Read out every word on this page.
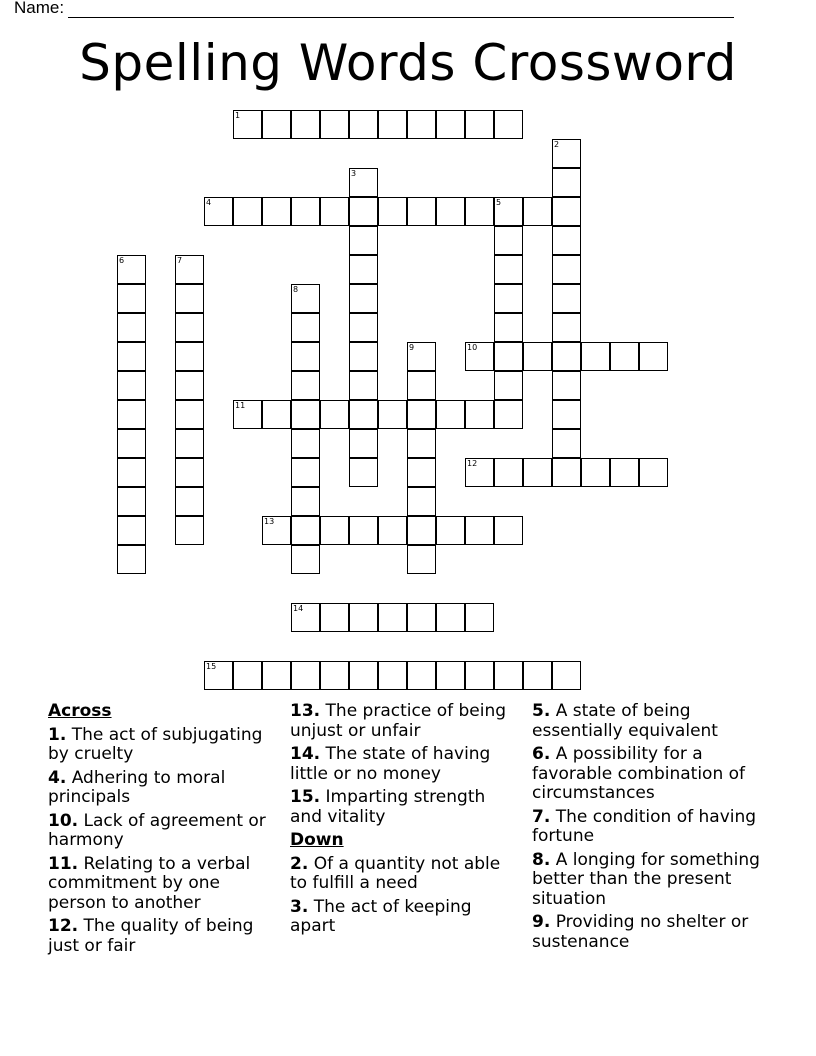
Name:
Spelling Words Crossword
1
2
3
4	5
6	7
8
9	10
11
12
13
14
15
Across
1. The act of subjugating by cruelty
4. Adhering to moral principals
10. Lack of agreement or harmony
11. Relating to a verbal commitment by one person to another
12. The quality of being just or fair
13. The practice of being unjust or unfair
14. The state of having little or no money
15. Imparting strength and vitality
Down
2. Of a quantity not able to fulfill a need
3. The act of keeping apart
5. A state of being essentially equivalent
6. A possibility for a favorable combination of circumstances
7. The condition of having fortune
8. A longing for something better than the present situation
9. Providing no shelter or sustenance
